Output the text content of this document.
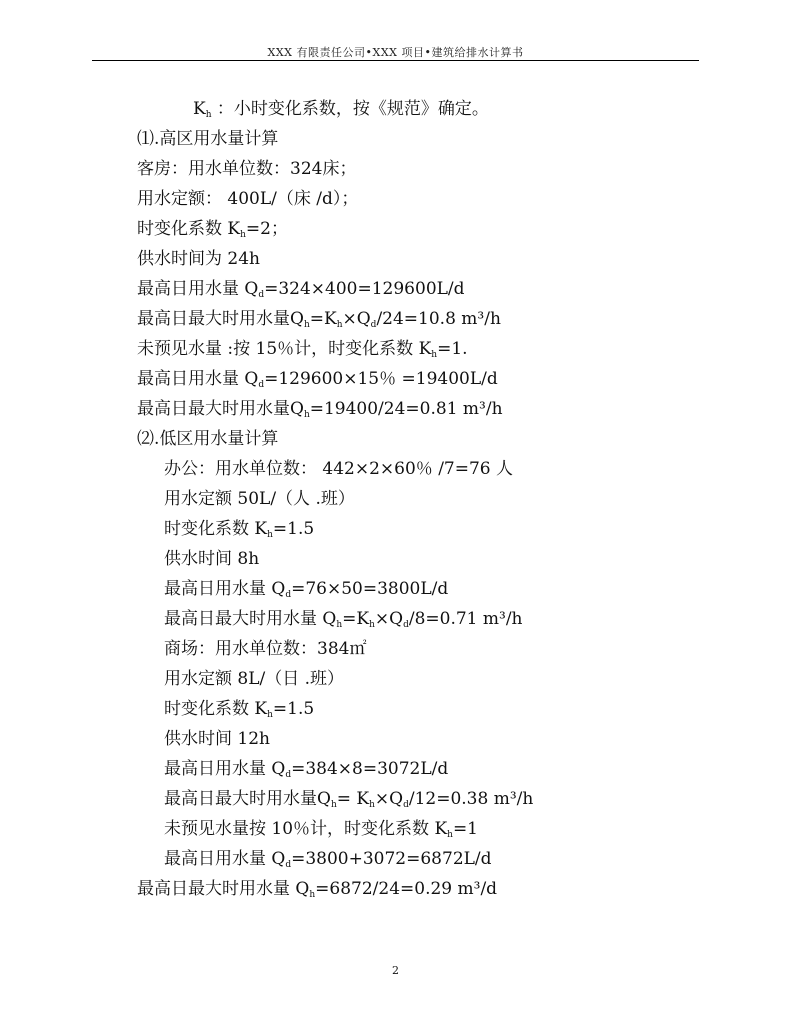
XXX 有限责任公司•XXX 项目•建筑给排水计算书
$K_h$ ：小时变化系数，按《规范》确定。
⑴.高区用水量计算
客房：用水单位数：324床；
用水定额： 400L/（床 /d）；
时变化系数 $K_h=2$；
供水时间为 24h
最高日用水量 $Q_d=324\times 400=129600L/d$
最高日最大时用水量$Q_h=K_h\times Q_d/24=10.8$ m³/h
未预见水量 :按 15％计，时变化系数 $K_h=1$.
最高日用水量 $Q_d=129600\times 15$％ =19400L/d
最高日最大时用水量$Q_h=19400/24=0.81$ m³/h
⑵.低区用水量计算
办公：用水单位数： 442×2×60％ /7=76 人
用水定额 50L/（人 .班）
时变化系数 $K_h=1.5$
供水时间 8h
最高日用水量 $Q_d=76\times 50=3800L/d$
最高日最大时用水量 $Q_h=K_h\times Q_d/8=0.71$ m³/h
商场：用水单位数：384㎡
用水定额 8L/（日 .班）
时变化系数 $K_h=1.5$
供水时间 12h
最高日用水量 $Q_d=384\times 8=3072L/d$
最高日最大时用水量$Q_h= K_h\times Q_d/12=0.38$ m³/h
未预见水量按 10％计，时变化系数 $K_h=1$
最高日用水量 $Q_d=3800+3072=6872L/d$
最高日最大时用水量 $Q_h=6872/24=0.29$ m³/d
2
